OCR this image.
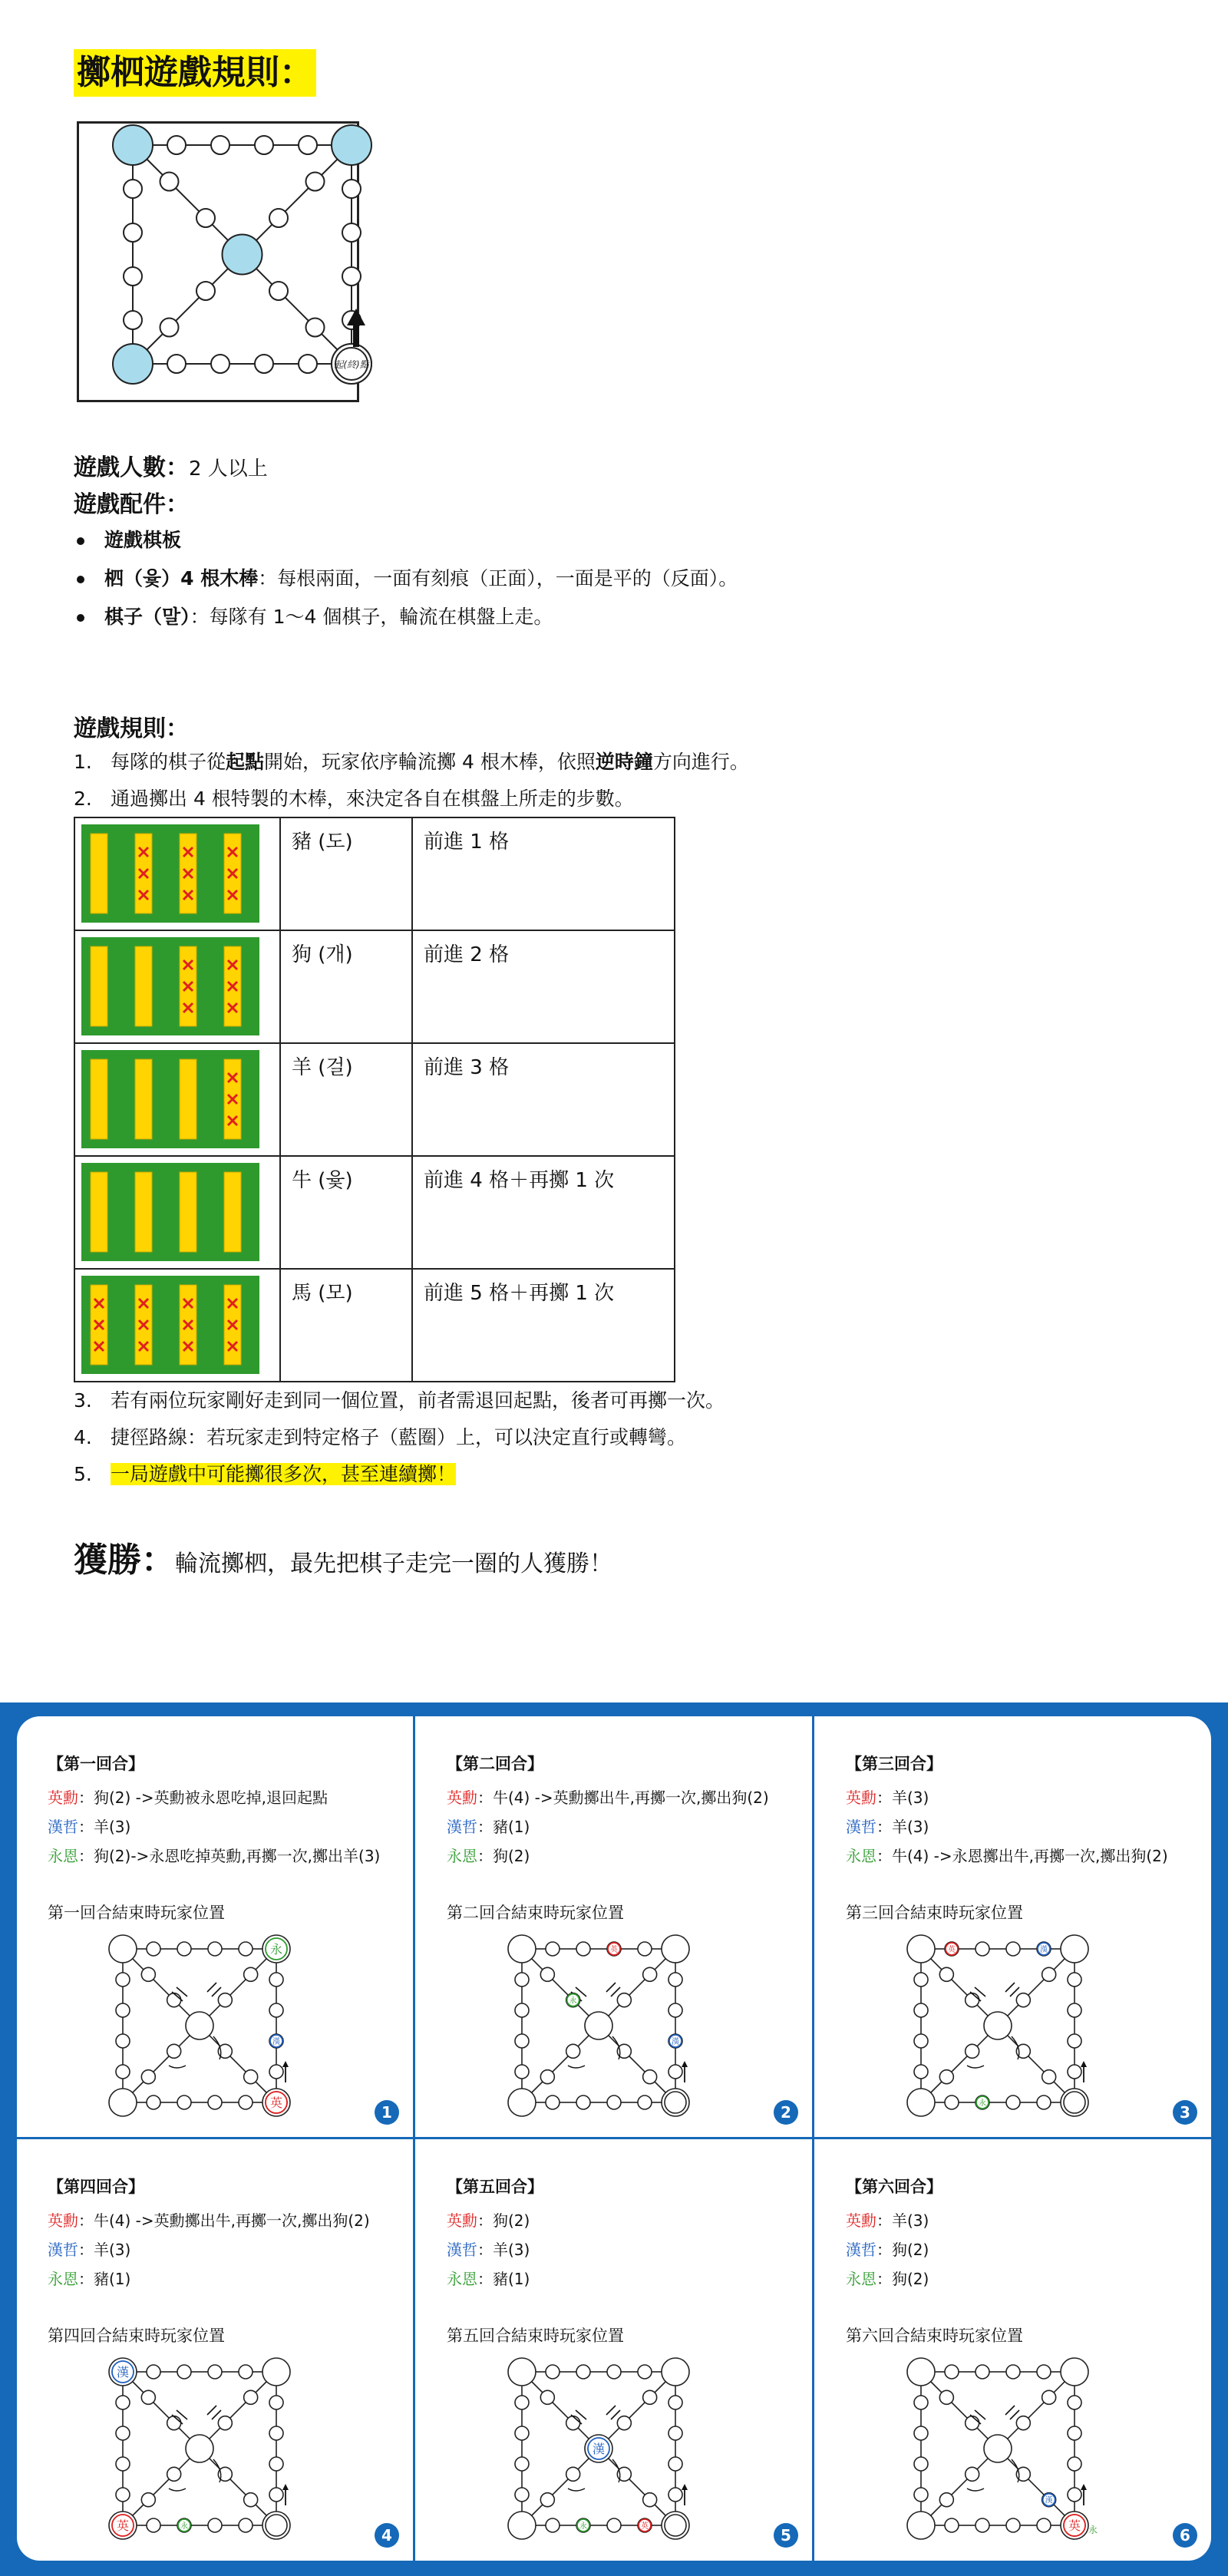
擲柶遊戲規則：
起(終)點
遊戲人數：2 人以上
遊戲配件：
遊戲棋板
柶（윷）4 根木棒：每根兩面，一面有刻痕（正面），一面是平的（反面）。
棋子（말）：每隊有 1～4 個棋子，輪流在棋盤上走。
遊戲規則：
1. 每隊的棋子從起點開始，玩家依序輪流擲 4 根木棒，依照逆時鐘方向進行。
2. 通過擲出 4 根特製的木棒，來決定各自在棋盤上所走的步數。
	豬 (도)	前進 1 格

	狗 (개)	前進 2 格

	羊 (걸)	前進 3 格

	牛 (윷)	前進 4 格＋再擲 1 次

	馬 (모)	前進 5 格＋再擲 1 次
3. 若有兩位玩家剛好走到同一個位置，前者需退回起點，後者可再擲一次。
4. 捷徑路線：若玩家走到特定格子（藍圈）上，可以決定直行或轉彎。
5. 一局遊戲中可能擲很多次，甚至連續擲！
獲勝：輪流擲柶，最先把棋子走完一圈的人獲勝！
【第一回合】
英勳：狗(2) ->英勳被永恩吃掉,退回起點
漢哲：羊(3)
永恩：狗(2)->永恩吃掉英勳,再擲一次,擲出羊(3)
第一回合結束時玩家位置
永
漢
英
1
【第二回合】
英勳：牛(4) ->英勳擲出牛,再擲一次,擲出狗(2)
漢哲：豬(1)
永恩：狗(2)
第二回合結束時玩家位置
英
漢
永
2
【第三回合】
英勳：羊(3)
漢哲：羊(3)
永恩：牛(4) ->永恩擲出牛,再擲一次,擲出狗(2)
第三回合結束時玩家位置
英	漢
永	3
【第四回合】
英勳：牛(4) ->英勳擲出牛,再擲一次,擲出狗(2)
漢哲：羊(3)
永恩：豬(1)
第四回合結束時玩家位置
漢
英	永	4
【第五回合】
英勳：狗(2)
漢哲：羊(3)
永恩：豬(1)
第五回合結束時玩家位置
漢
英
永	5
【第六回合】
英勳：羊(3)
漢哲：狗(2)
永恩：狗(2)
第六回合結束時玩家位置
漢
英 永	6
